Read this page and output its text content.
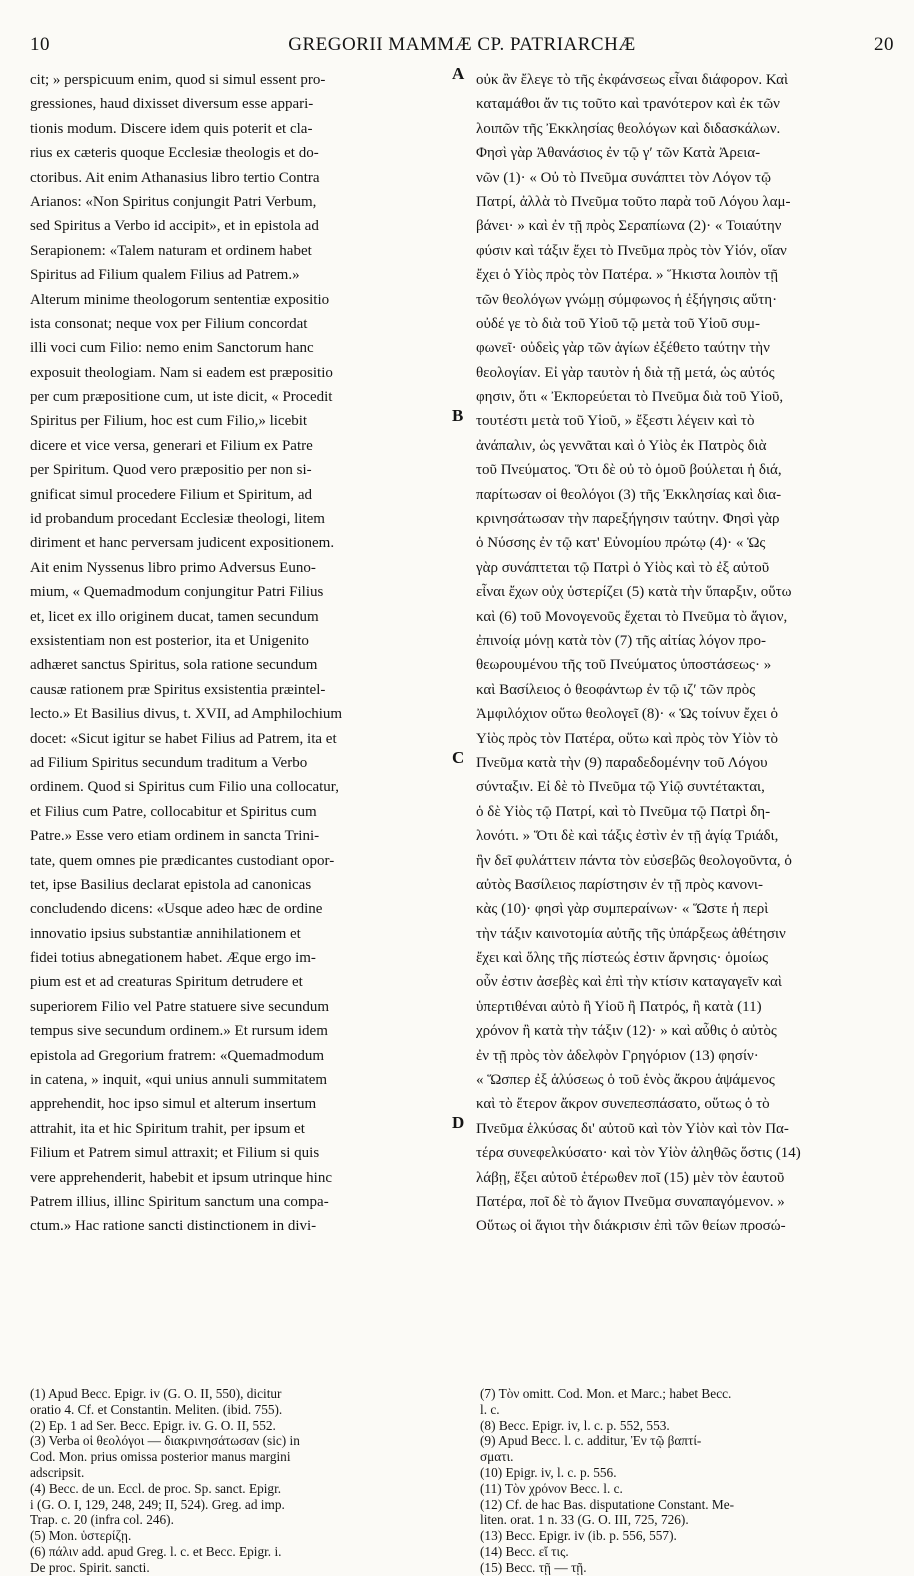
10	GREGORII MAMMÆ CP. PATRIARCHÆ	20
cit; » perspicuum enim, quod si simul essent pro-
gressiones, haud dixisset diversum esse appari-
tionis modum. Discere idem quis poterit et cla-
rius ex cæteris quoque Ecclesiæ theologis et do-
ctoribus. Ait enim Athanasius libro tertio Contra
Arianos: «Non Spiritus conjungit Patri Verbum,
sed Spiritus a Verbo id accipit», et in epistola ad
Serapionem: «Talem naturam et ordinem habet
Spiritus ad Filium qualem Filius ad Patrem.»
Alterum minime theologorum sententiæ expositio
ista consonat; neque vox per Filium concordat
illi voci cum Filio: nemo enim Sanctorum hanc
exposuit theologiam. Nam si eadem est præpositio
per cum præpositione cum, ut iste dicit, « Procedit
Spiritus per Filium, hoc est cum Filio,» licebit
dicere et vice versa, generari et Filium ex Patre
per Spiritum. Quod vero præpositio per non si-
gnificat simul procedere Filium et Spiritum, ad
id probandum procedant Ecclesiæ theologi, litem
diriment et hanc perversam judicent expositionem.
Ait enim Nyssenus libro primo Adversus Euno-
mium, « Quemadmodum conjungitur Patri Filius
et, licet ex illo originem ducat, tamen secundum
exsistentiam non est posterior, ita et Unigenito
adhæret sanctus Spiritus, sola ratione secundum
causæ rationem præ Spiritus exsistentia præintel-
lecto.» Et Basilius divus, t. XVII, ad Amphilochium
docet: «Sicut igitur se habet Filius ad Patrem, ita et
ad Filium Spiritus secundum traditum a Verbo
ordinem. Quod si Spiritus cum Filio una collocatur,
et Filius cum Patre, collocabitur et Spiritus cum
Patre.» Esse vero etiam ordinem in sancta Trini-
tate, quem omnes pie prædicantes custodiant opor-
tet, ipse Basilius declarat epistola ad canonicas
concludendo dicens: «Usque adeo hæc de ordine
innovatio ipsius substantiæ annihilationem et
fidei totius abnegationem habet. Æque ergo im-
pium est et ad creaturas Spiritum detrudere et
superiorem Filio vel Patre statuere sive secundum
tempus sive secundum ordinem.» Et rursum idem
epistola ad Gregorium fratrem: «Quemadmodum
in catena, » inquit, «qui unius annuli summitatem
apprehendit, hoc ipso simul et alterum insertum
attrahit, ita et hic Spiritum trahit, per ipsum et
Filium et Patrem simul attraxit; et Filium si quis
vere apprehenderit, habebit et ipsum utrinque hinc
Patrem illius, illinc Spiritum sanctum una compa-
ctum.» Hac ratione sancti distinctionem in divi-
οὐκ ἂν ἔλεγε τὸ τῆς ἐκφάνσεως εἶναι διάφορον. Καὶ
καταμάθοι ἄν τις τοῦτο καὶ τρανότερον καὶ ἐκ τῶν
λοιπῶν τῆς Ἐκκλησίας θεολόγων καὶ διδασκάλων.
Φησὶ γὰρ Ἀθανάσιος ἐν τῷ γʹ τῶν Κατὰ Ἀρεια-
νῶν (1)· « Οὐ τὸ Πνεῦμα συνάπτει τὸν Λόγον τῷ
Πατρί, ἀλλὰ τὸ Πνεῦμα τοῦτο παρὰ τοῦ Λόγου λαμ-
βάνει· » καὶ ἐν τῇ πρὸς Σεραπίωνα (2)· « Τοιαύτην
φύσιν καὶ τάξιν ἔχει τὸ Πνεῦμα πρὸς τὸν Υἱόν, οἵαν
ἔχει ὁ Υἱὸς πρὸς τὸν Πατέρα. » Ἥκιστα λοιπὸν τῇ
τῶν θεολόγων γνώμῃ σύμφωνος ἡ ἐξήγησις αὕτη·
οὐδέ γε τὸ διὰ τοῦ Υἱοῦ τῷ μετὰ τοῦ Υἱοῦ συμ-
φωνεῖ· οὐδεὶς γὰρ τῶν ἁγίων ἐξέθετο ταύτην τὴν
θεολογίαν. Εἰ γὰρ ταυτὸν ἡ διὰ τῇ μετά, ὡς αὐτός
φησιν, ὅτι « Ἐκπορεύεται τὸ Πνεῦμα διὰ τοῦ Υἱοῦ,
τουτέστι μετὰ τοῦ Υἱοῦ, » ἔξεστι λέγειν καὶ τὸ
ἀνάπαλιν, ὡς γεννᾶται καὶ ὁ Υἱὸς ἐκ Πατρὸς διὰ
τοῦ Πνεύματος. Ὅτι δὲ οὐ τὸ ὁμοῦ βούλεται ἡ διά,
παρίτωσαν οἱ θεολόγοι (3) τῆς Ἐκκλησίας καὶ δια-
κρινησάτωσαν τὴν παρεξήγησιν ταύτην. Φησὶ γὰρ
ὁ Νύσσης ἐν τῷ κατ' Εὐνομίου πρώτῳ (4)· « Ὡς
γὰρ συνάπτεται τῷ Πατρὶ ὁ Υἱὸς καὶ τὸ ἐξ αὐτοῦ
εἶναι ἔχων οὐχ ὑστερίζει (5) κατὰ τὴν ὕπαρξιν, οὕτω
καὶ (6) τοῦ Μονογενοῦς ἔχεται τὸ Πνεῦμα τὸ ἅγιον,
ἐπινοίᾳ μόνῃ κατὰ τὸν (7) τῆς αἰτίας λόγον προ-
θεωρουμένου τῆς τοῦ Πνεύματος ὑποστάσεως· »
καὶ Βασίλειος ὁ θεοφάντωρ ἐν τῷ ιζʹ τῶν πρὸς
Ἀμφιλόχιον οὕτω θεολογεῖ (8)· « Ὡς τοίνυν ἔχει ὁ
Υἱὸς πρὸς τὸν Πατέρα, οὕτω καὶ πρὸς τὸν Υἱὸν τὸ
Πνεῦμα κατὰ τὴν (9) παραδεδομένην τοῦ Λόγου
σύνταξιν. Εἰ δὲ τὸ Πνεῦμα τῷ Υἱῷ συντέτακται,
ὁ δὲ Υἱὸς τῷ Πατρί, καὶ τὸ Πνεῦμα τῷ Πατρὶ δη-
λονότι. » Ὅτι δὲ καὶ τάξις ἐστὶν ἐν τῇ ἁγίᾳ Τριάδι,
ἣν δεῖ φυλάττειν πάντα τὸν εὐσεβῶς θεολογοῦντα, ὁ
αὐτὸς Βασίλειος παρίστησιν ἐν τῇ πρὸς κανονι-
κὰς (10)· φησὶ γὰρ συμπεραίνων· « Ὥστε ἡ περὶ
τὴν τάξιν καινοτομία αὐτῆς τῆς ὑπάρξεως ἀθέτησιν
ἔχει καὶ ὅλης τῆς πίστεώς ἐστιν ἄρνησις· ὁμοίως
οὖν ἐστιν ἀσεβὲς καὶ ἐπὶ τὴν κτίσιν καταγαγεῖν καὶ
ὑπερτιθέναι αὐτὸ ἢ Υἱοῦ ἢ Πατρός, ἢ κατὰ (11)
χρόνον ἢ κατὰ τὴν τάξιν (12)· » καὶ αὖθις ὁ αὐτὸς
ἐν τῇ πρὸς τὸν ἀδελφὸν Γρηγόριον (13) φησίν·
« Ὥσπερ ἐξ ἁλύσεως ὁ τοῦ ἑνὸς ἄκρου ἁψάμενος
καὶ τὸ ἕτερον ἄκρον συνεπεσπάσατο, οὕτως ὁ τὸ
Πνεῦμα ἑλκύσας δι' αὐτοῦ καὶ τὸν Υἱὸν καὶ τὸν Πα-
τέρα συνεφελκύσατο· καὶ τὸν Υἱὸν ἀληθῶς ὅστις (14)
λάβῃ, ἕξει αὐτοῦ ἑτέρωθεν ποῖ (15) μὲν τὸν ἑαυτοῦ
Πατέρα, ποῖ δὲ τὸ ἅγιον Πνεῦμα συναπαγόμενον. »
Οὕτως οἱ ἅγιοι τὴν διάκρισιν ἐπὶ τῶν θείων προσώ-
A
B
C
D
(1) Apud Becc. Epigr. iv (G. O. II, 550), dicitur
oratio 4. Cf. et Constantin. Meliten. (ibid. 755).
(2) Ep. 1 ad Ser. Becc. Epigr. iv. G. O. II, 552.
(3) Verba οἱ θεολόγοι — διακρινησάτωσαν (sic) in
Cod. Mon. prius omissa posterior manus margini
adscripsit.
(4) Becc. de un. Eccl. de proc. Sp. sanct. Epigr.
i (G. O. I, 129, 248, 249; II, 524). Greg. ad imp.
Trap. c. 20 (infra col. 246).
(5) Mon. ὑστερίζῃ.
(6) πάλιν add. apud Greg. l. c. et Becc. Epigr. i.
De proc. Spirit. sancti.
(7) Τὸν omitt. Cod. Mon. et Marc.; habet Becc.
l. c.
(8) Becc. Epigr. iv, l. c. p. 552, 553.
(9) Apud Becc. l. c. additur, Ἐν τῷ βαπτί-
σματι.
(10) Epigr. iv, l. c. p. 556.
(11) Τὸν χρόνον Becc. l. c.
(12) Cf. de hac Bas. disputatione Constant. Me-
liten. orat. 1 n. 33 (G. O. III, 725, 726).
(13) Becc. Epigr. iv (ib. p. 556, 557).
(14) Becc. εἴ τις.
(15) Becc. τῇ — τῇ.
